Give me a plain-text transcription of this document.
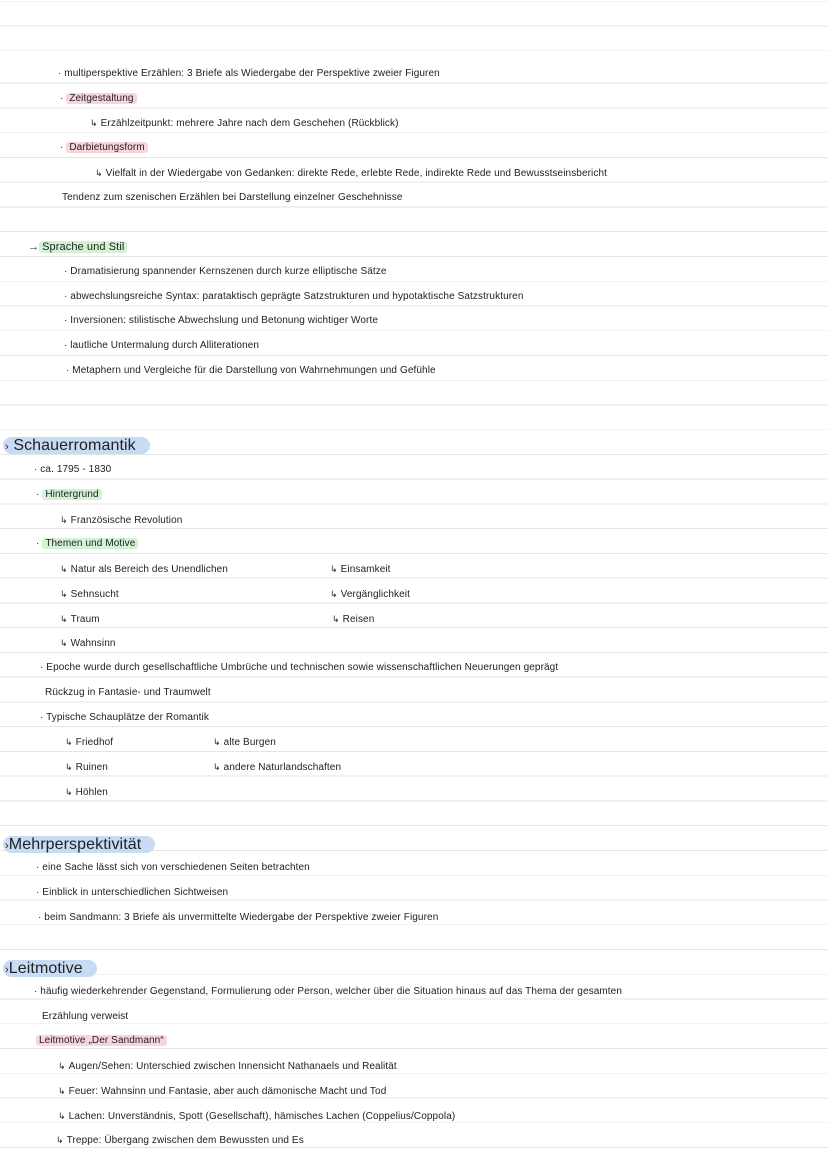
· multiperspektive Erzählen: 3 Briefe als Wiedergabe der Perspektive zweier Figuren
· Zeitgestaltung
↳ Erzählzeitpunkt: mehrere Jahre nach dem Geschehen (Rückblick)
· Darbietungsform
↳ Vielfalt in der Wiedergabe von Gedanken: direkte Rede, erlebte Rede, indirekte Rede und Bewusstseinsbericht
Tendenz zum szenischen Erzählen bei Darstellung einzelner Geschehnisse
→ Sprache und Stil
· Dramatisierung spannender Kernszenen durch kurze elliptische Sätze
· abwechslungsreiche Syntax: parataktisch geprägte Satzstrukturen und hypotaktische Satzstrukturen
· Inversionen: stilistische Abwechslung und Betonung wichtiger Worte
· lautliche Untermalung durch Alliterationen
· Metaphern und Vergleiche für die Darstellung von Wahrnehmungen und Gefühle
› Schauerromantik
· ca. 1795 - 1830
· Hintergrund
↳ Französische Revolution
· Themen und Motive
↳ Natur als Bereich des Unendlichen
↳ Sehnsucht
↳ Traum
↳ Wahnsinn
↳ Einsamkeit
↳ Vergänglichkeit
↳ Reisen
· Epoche wurde durch gesellschaftliche Umbrüche und technischen sowie wissenschaftlichen Neuerungen geprägt
Rückzug in Fantasie- und Traumwelt
· Typische Schauplätze der Romantik
↳ Friedhof
↳ Ruinen
↳ Höhlen
↳ alte Burgen
↳ andere Naturlandschaften
›Mehrperspektivität
· eine Sache lässt sich von verschiedenen Seiten betrachten
· Einblick in unterschiedlichen Sichtweisen
· beim Sandmann: 3 Briefe als unvermittelte Wiedergabe der Perspektive zweier Figuren
›Leitmotive
· häufig wiederkehrender Gegenstand, Formulierung oder Person, welcher über die Situation hinaus auf das Thema der gesamten
Erzählung verweist
Leitmotive „Der Sandmann“
↳ Augen/Sehen: Unterschied zwischen Innensicht Nathanaels und Realität
↳ Feuer: Wahnsinn und Fantasie, aber auch dämonische Macht und Tod
↳ Lachen: Unverständnis, Spott (Gesellschaft), hämisches Lachen (Coppelius/Coppola)
↳ Treppe: Übergang zwischen dem Bewussten und Es
